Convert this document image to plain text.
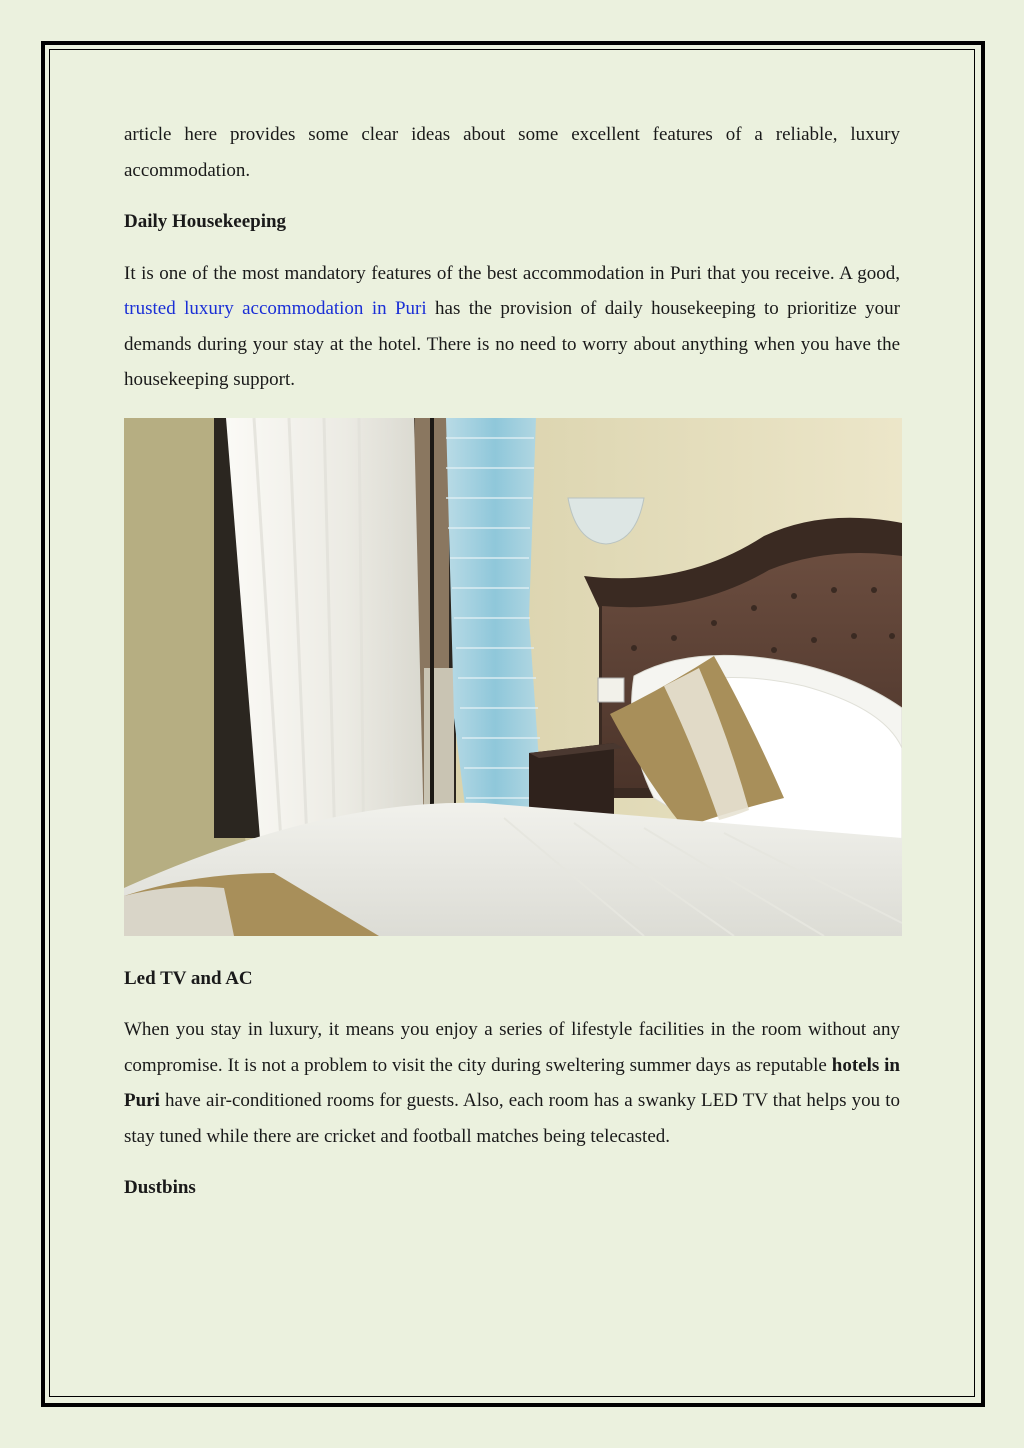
article here provides some clear ideas about some excellent features of a reliable, luxury accommodation.

Daily Housekeeping

It is one of the most mandatory features of the best accommodation in Puri that you receive. A good, trusted luxury accommodation in Puri has the provision of daily housekeeping to prioritize your demands during your stay at the hotel. There is no need to worry about anything when you have the housekeeping support.

Led TV and AC

When you stay in luxury, it means you enjoy a series of lifestyle facilities in the room without any compromise. It is not a problem to visit the city during sweltering summer days as reputable hotels in Puri have air-conditioned rooms for guests. Also, each room has a swanky LED TV that helps you to stay tuned while there are cricket and football matches being telecasted.

Dustbins
